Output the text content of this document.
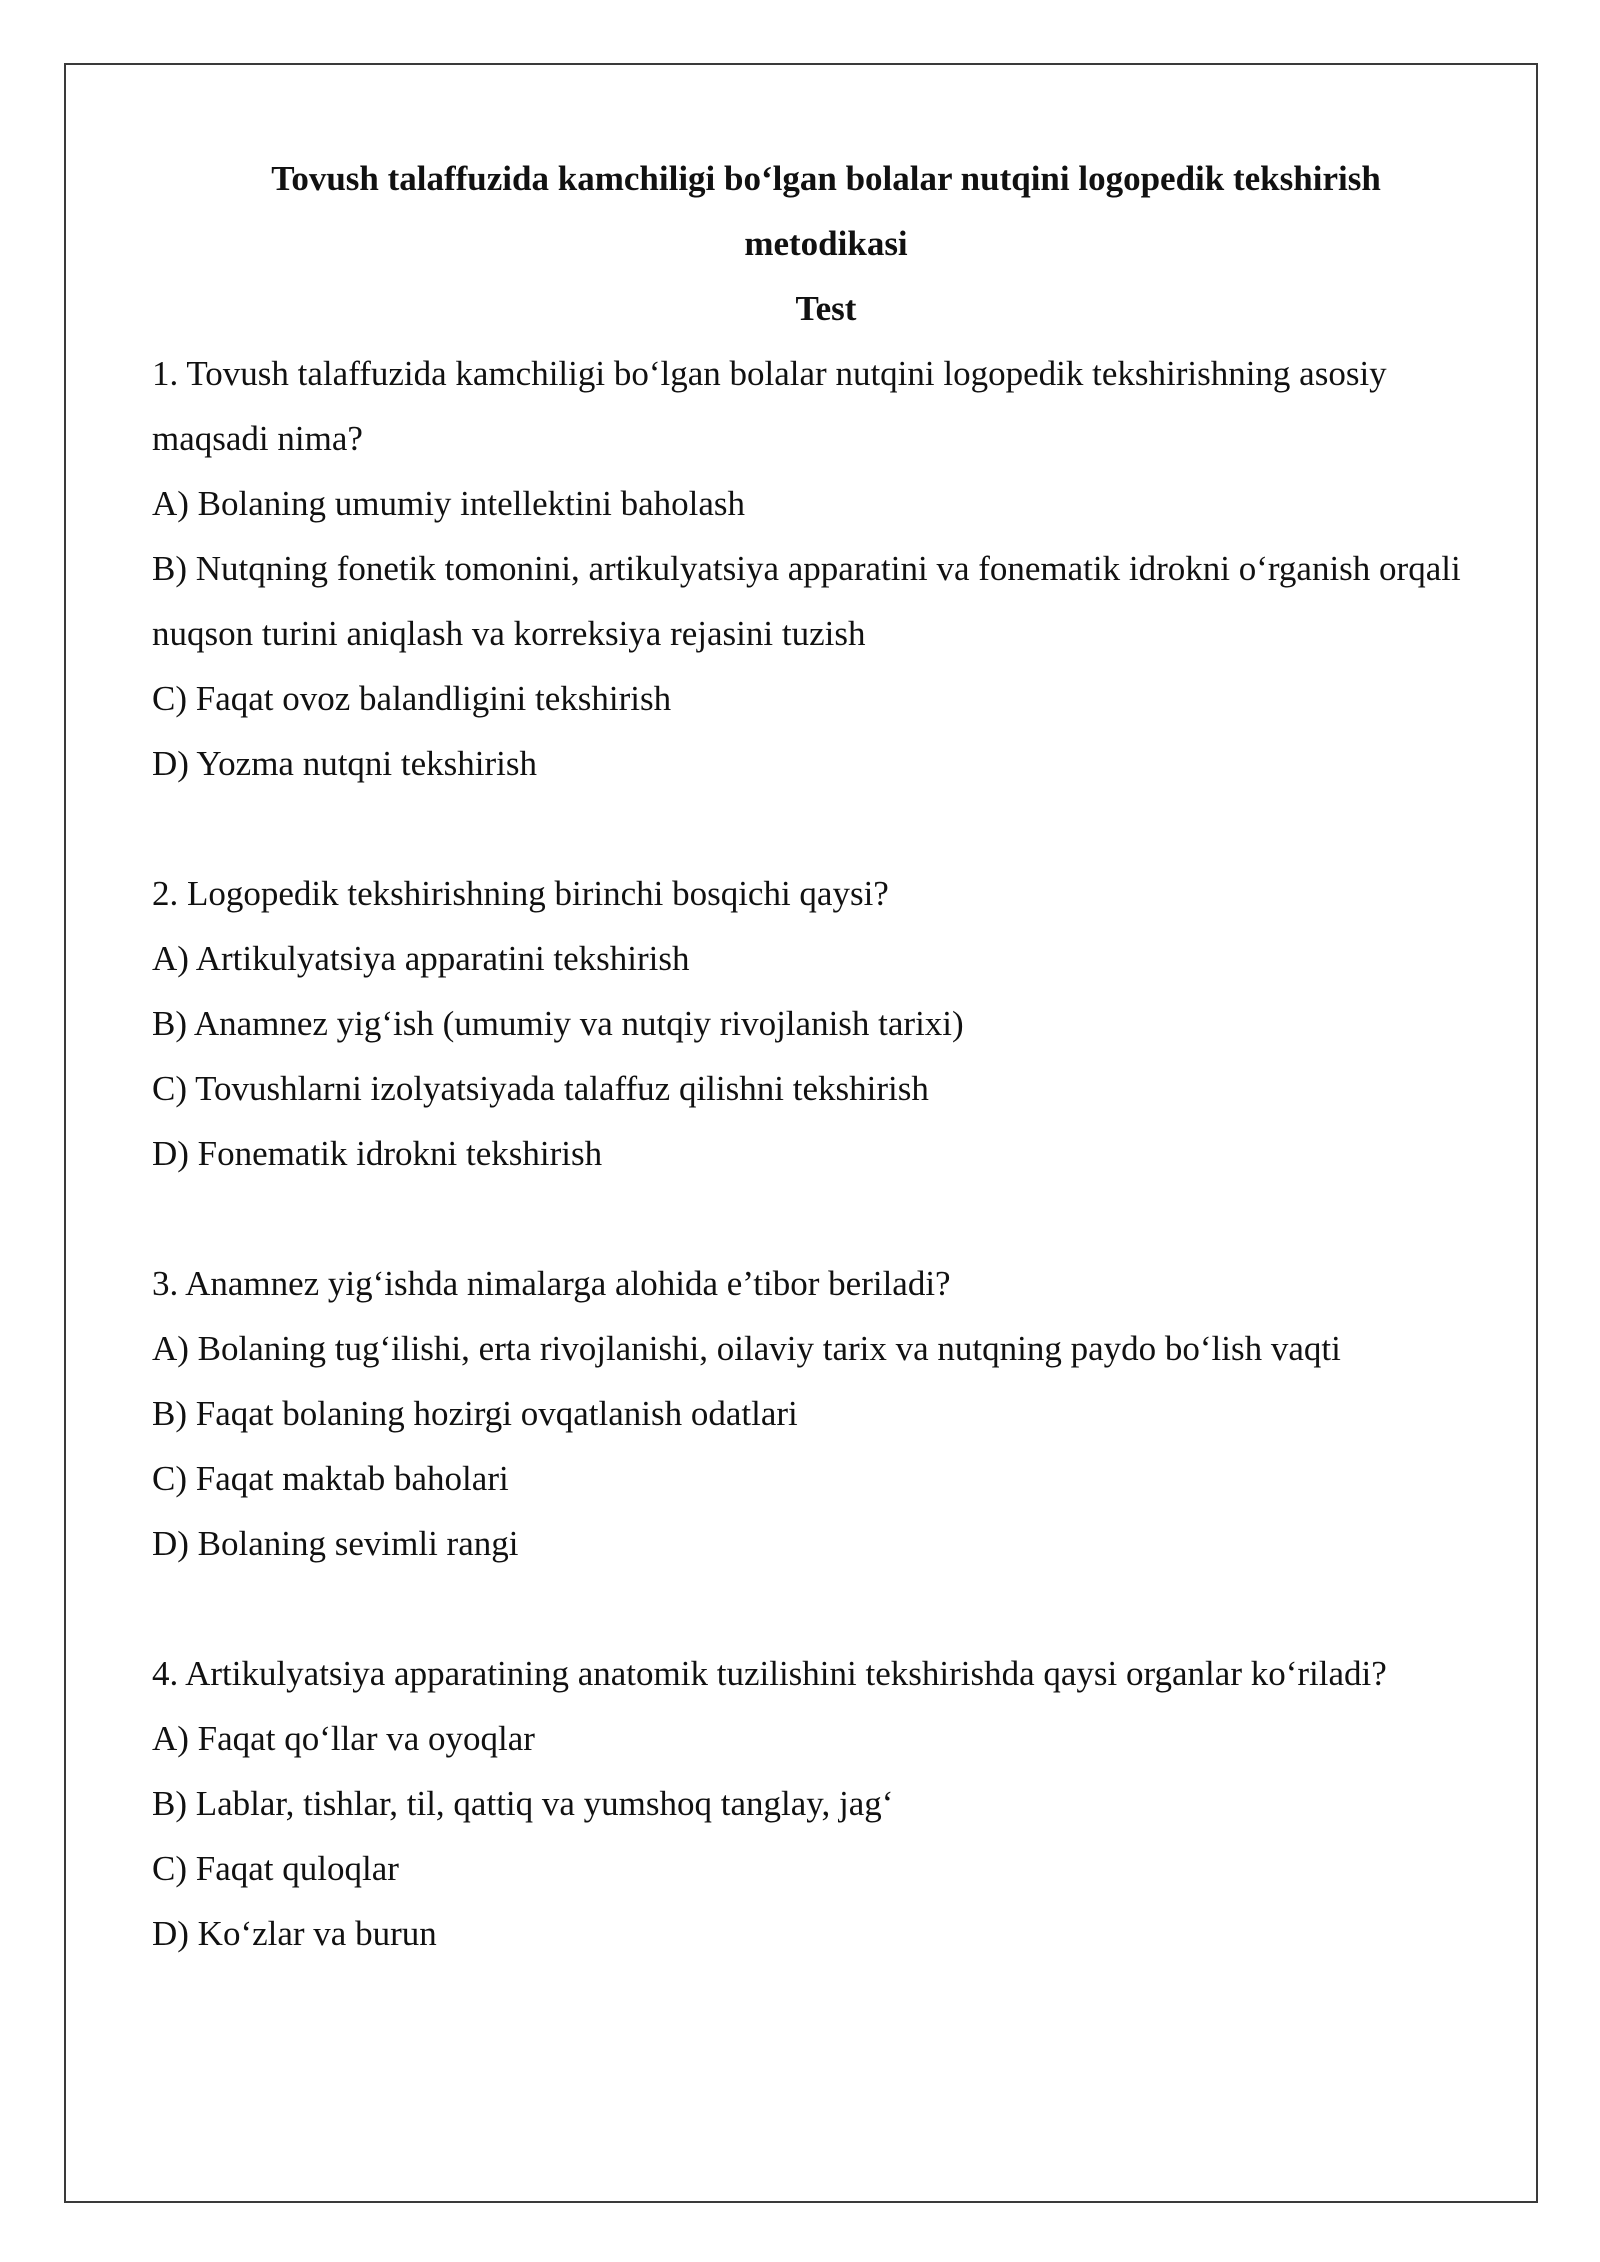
Tovush talaffuzida kamchiligi bo‘lgan bolalar nutqini logopedik tekshirish

metodikasi

Test

1. Tovush talaffuzida kamchiligi bo‘lgan bolalar nutqini logopedik tekshirishning asosiy maqsadi nima?

A) Bolaning umumiy intellektini baholash

B) Nutqning fonetik tomonini, artikulyatsiya apparatini va fonematik idrokni o‘rganish orqali nuqson turini aniqlash va korreksiya rejasini tuzish

C) Faqat ovoz balandligini tekshirish

D) Yozma nutqni tekshirish

2. Logopedik tekshirishning birinchi bosqichi qaysi?

A) Artikulyatsiya apparatini tekshirish

B) Anamnez yig‘ish (umumiy va nutqiy rivojlanish tarixi)

C) Tovushlarni izolyatsiyada talaffuz qilishni tekshirish

D) Fonematik idrokni tekshirish

3. Anamnez yig‘ishda nimalarga alohida e’tibor beriladi?

A) Bolaning tug‘ilishi, erta rivojlanishi, oilaviy tarix va nutqning paydo bo‘lish vaqti

B) Faqat bolaning hozirgi ovqatlanish odatlari

C) Faqat maktab baholari

D) Bolaning sevimli rangi

4. Artikulyatsiya apparatining anatomik tuzilishini tekshirishda qaysi organlar ko‘riladi?

A) Faqat qo‘llar va oyoqlar

B) Lablar, tishlar, til, qattiq va yumshoq tanglay, jag‘

C) Faqat quloqlar

D) Ko‘zlar va burun
